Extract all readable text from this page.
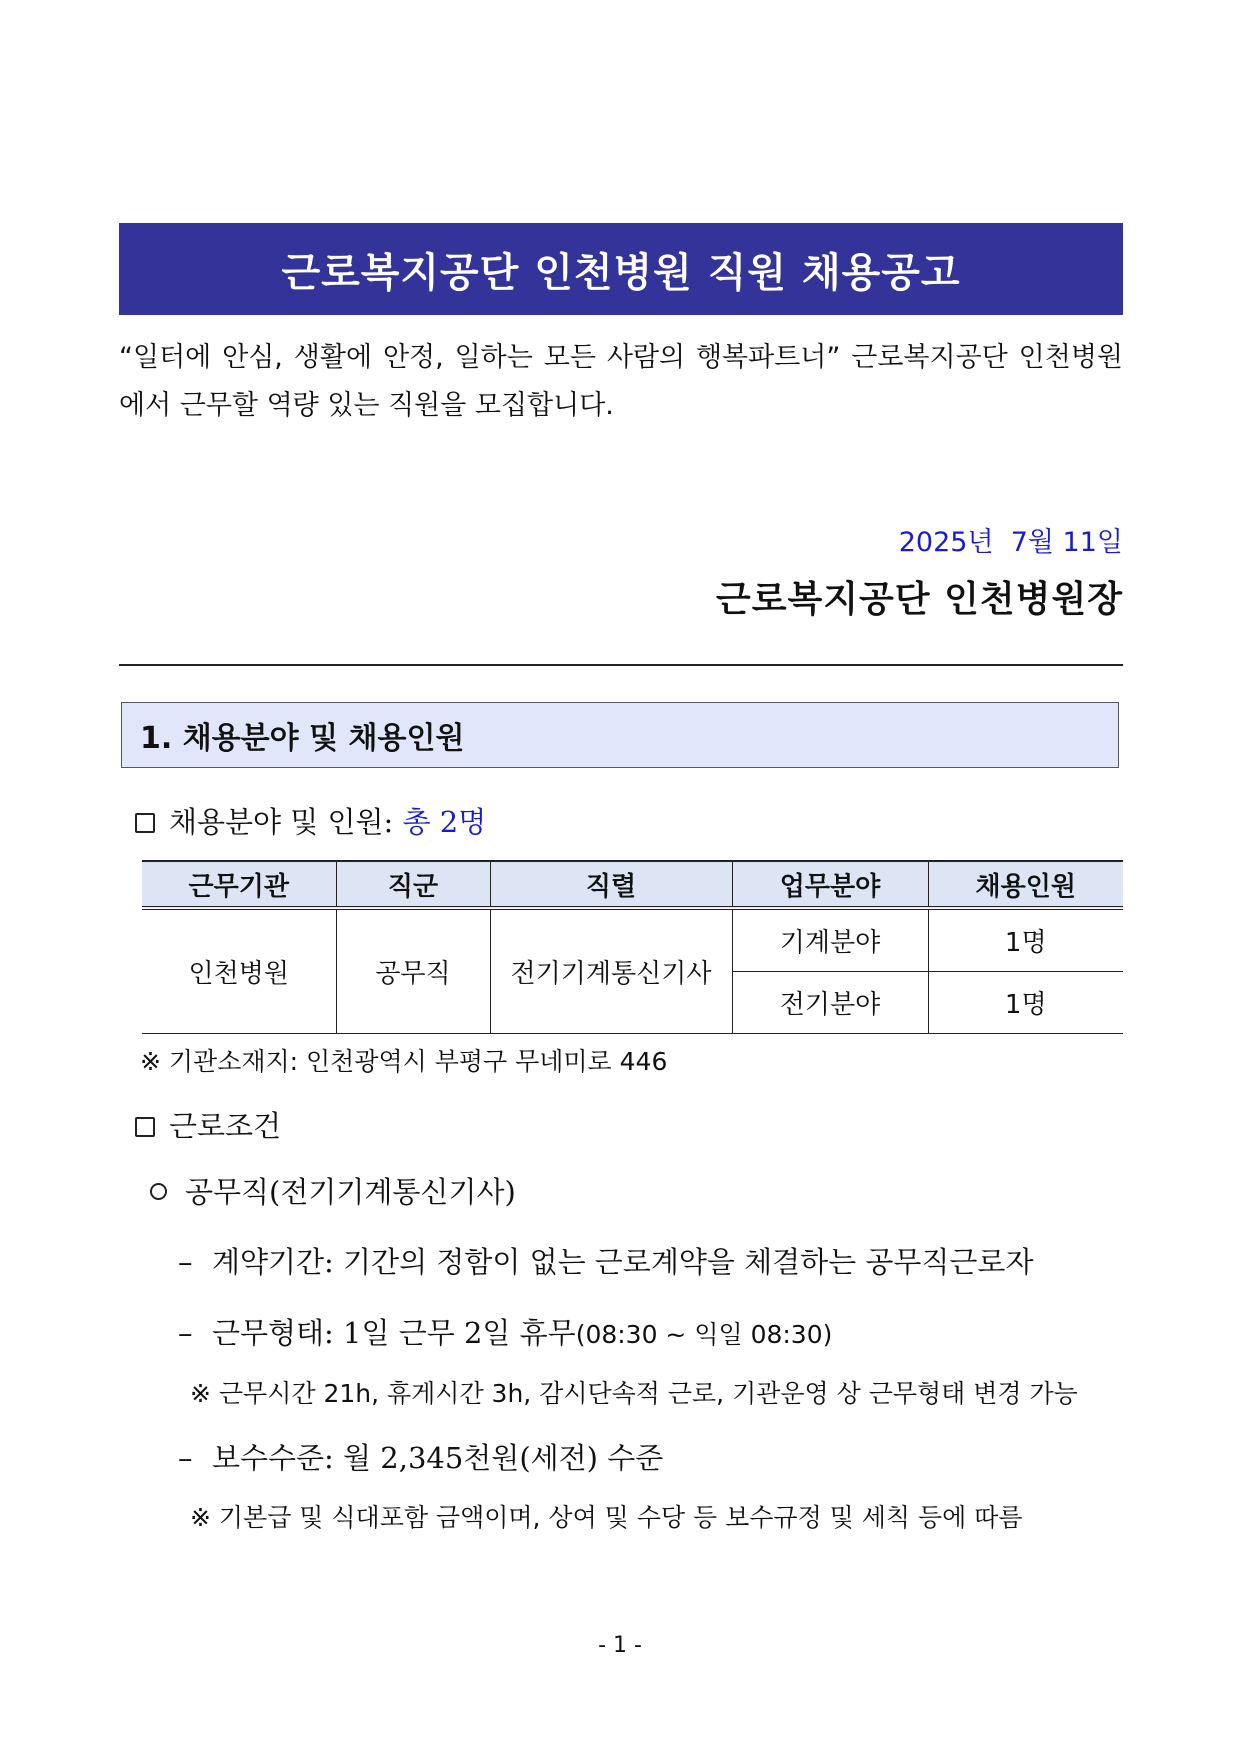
근로복지공단 인천병원 직원 채용공고
“일터에 안심, 생활에 안정, 일하는 모든 사람의 행복파트너” 근로복지공단 인천병원에서 근무할 역량 있는 직원을 모집합니다.
2025년  7월 11일
근로복지공단 인천병원장
1. 채용분야 및 채용인원
채용분야 및 인원: 총 2명
근무기관	직군	직렬	업무분야	채용인원
인천병원	공무직	전기기계통신기사	기계분야	1명
			전기분야	1명
※ 기관소재지: 인천광역시 부평구 무네미로 446
근로조건
공무직(전기기계통신기사)
– 계약기간: 기간의 정함이 없는 근로계약을 체결하는 공무직근로자
– 근무형태: 1일 근무 2일 휴무(08:30 ~ 익일 08:30)
※ 근무시간 21h, 휴게시간 3h, 감시단속적 근로, 기관운영 상 근무형태 변경 가능
– 보수수준: 월 2,345천원(세전) 수준
※ 기본급 및 식대포함 금액이며, 상여 및 수당 등 보수규정 및 세칙 등에 따름
- 1 -
